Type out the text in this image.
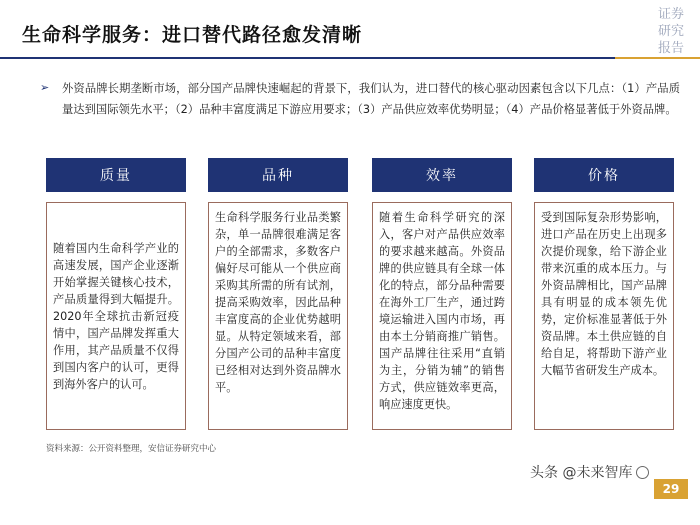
生命科学服务：进口替代路径愈发清晰
证券
研究
报告
➢ 外资品牌长期垄断市场，部分国产品牌快速崛起的背景下，我们认为，进口替代的核心驱动因素包含以下几点：（1）产品质量达到国际领先水平；（2）品种丰富度满足下游应用要求；（3）产品供应效率优势明显；（4）产品价格显著低于外资品牌。
质量	品种	效率	价格
随着国内生命科学产业的高速发展，国产企业逐渐开始掌握关键核心技术，产品质量得到大幅提升。2020年全球抗击新冠疫情中，国产品牌发挥重大作用，其产品质量不仅得到国内客户的认可，更得到海外客户的认可。
生命科学服务行业品类繁杂，单一品牌很难满足客户的全部需求，多数客户偏好尽可能从一个供应商采购其所需的所有试剂，提高采购效率，因此品种丰富度高的企业优势越明显。从特定领域来看，部分国产公司的品种丰富度已经相对达到外资品牌水平。
随着生命科学研究的深入，客户对产品供应效率的要求越来越高。外资品牌的供应链具有全球一体化的特点，部分品种需要在海外工厂生产，通过跨境运输进入国内市场，再由本土分销商推广销售。国产品牌往往采用“直销为主，分销为辅”的销售方式，供应链效率更高，响应速度更快。
受到国际复杂形势影响，进口产品在历史上出现多次提价现象，给下游企业带来沉重的成本压力。与外资品牌相比，国产品牌具有明显的成本领先优势，定价标准显著低于外资品牌。本土供应链的自给自足，将帮助下游产业大幅节省研发生产成本。
资料来源：公开资料整理，安信证券研究中心
头条 @未来智库
29
